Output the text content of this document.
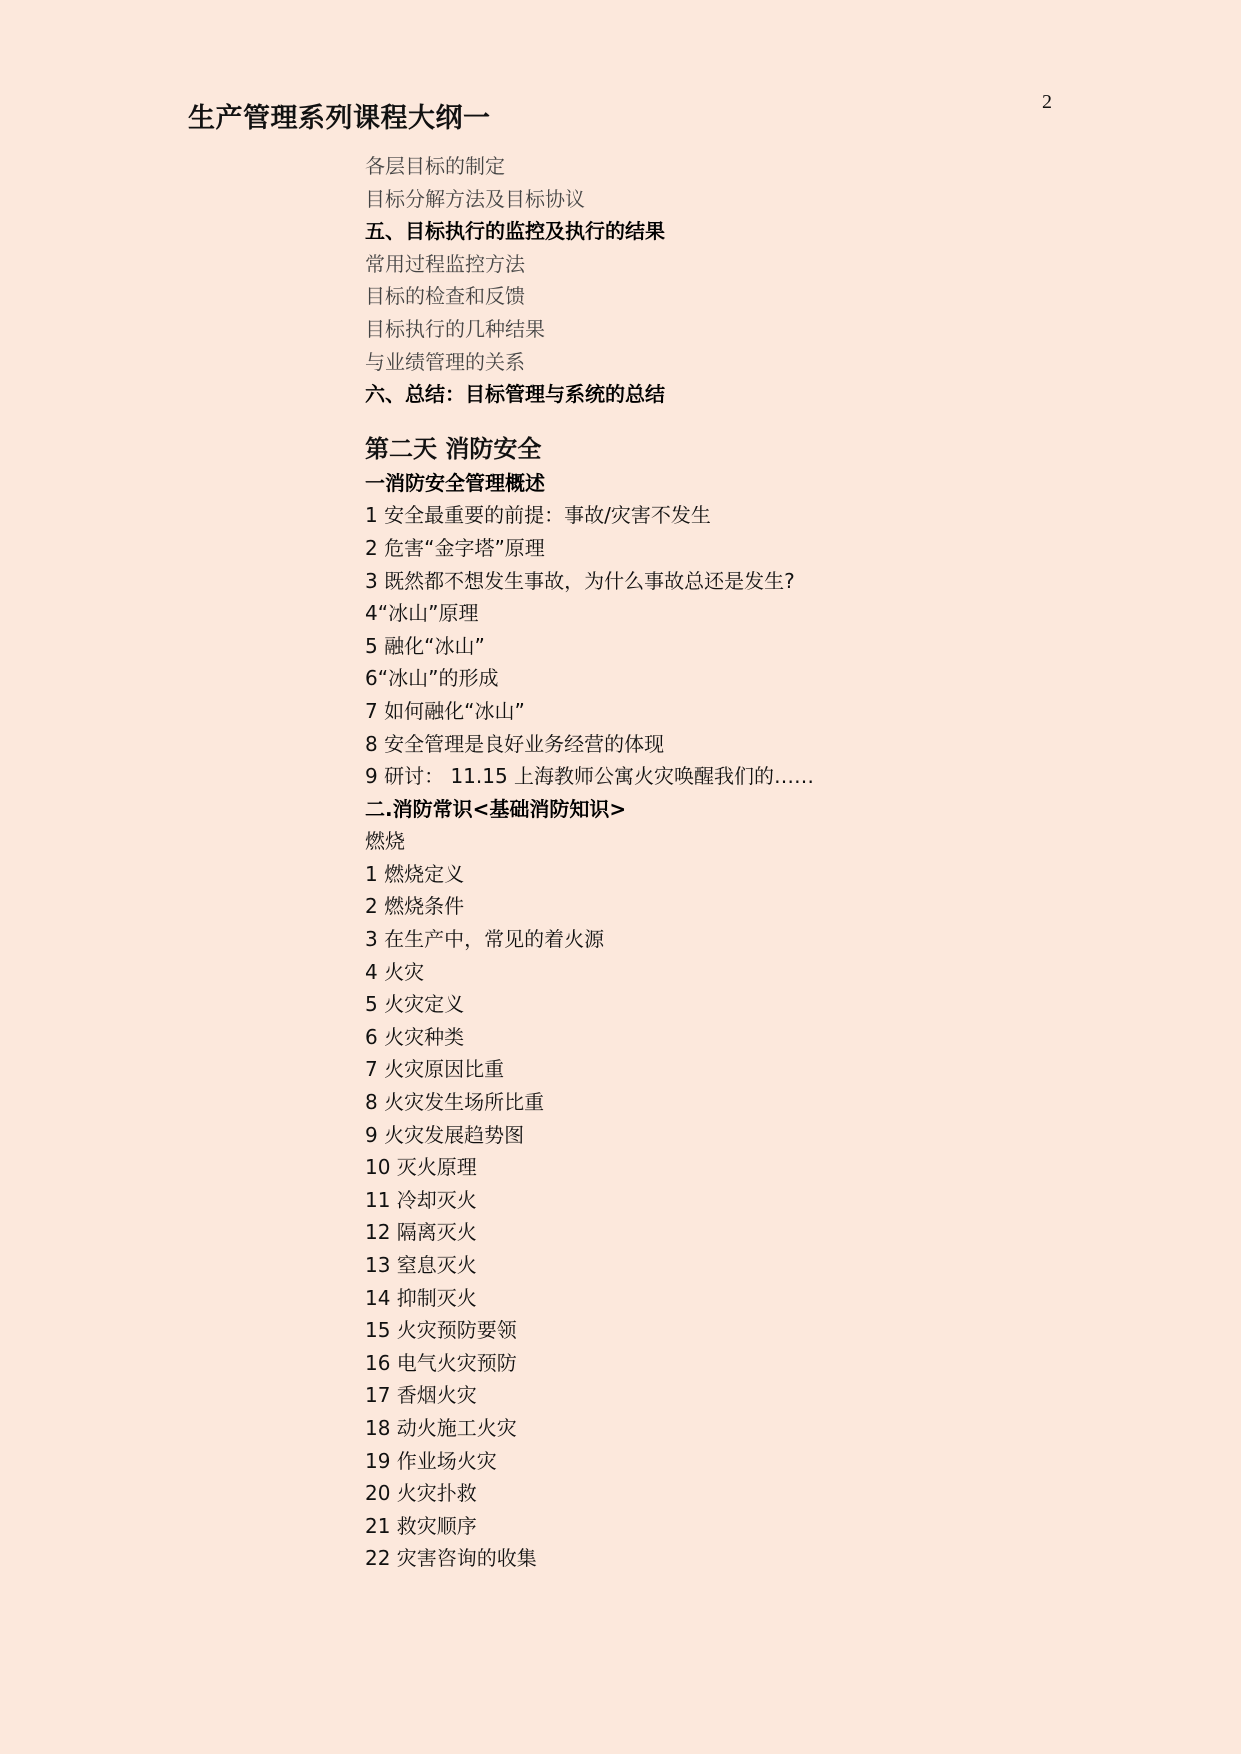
2
生产管理系列课程大纲一
各层目标的制定
目标分解方法及目标协议
五、目标执行的监控及执行的结果
常用过程监控方法
目标的检查和反馈
目标执行的几种结果
与业绩管理的关系
六、总结：目标管理与系统的总结
第二天 消防安全
一消防安全管理概述
1 安全最重要的前提：事故/灾害不发生
2 危害“金字塔”原理
3 既然都不想发生事故，为什么事故总还是发生?
4“冰山”原理
5 融化“冰山”
6“冰山”的形成
7 如何融化“冰山”
8 安全管理是良好业务经营的体现
9 研讨： 11.15 上海教师公寓火灾唤醒我们的……
二.消防常识<基础消防知识>
燃烧
1 燃烧定义
2 燃烧条件
3 在生产中，常见的着火源
4 火灾
5 火灾定义
6 火灾种类
7 火灾原因比重
8 火灾发生场所比重
9 火灾发展趋势图
10 灭火原理
11 冷却灭火
12 隔离灭火
13 窒息灭火
14 抑制灭火
15 火灾预防要领
16 电气火灾预防
17 香烟火灾
18 动火施工火灾
19 作业场火灾
20 火灾扑救
21 救灾顺序
22 灾害咨询的收集
